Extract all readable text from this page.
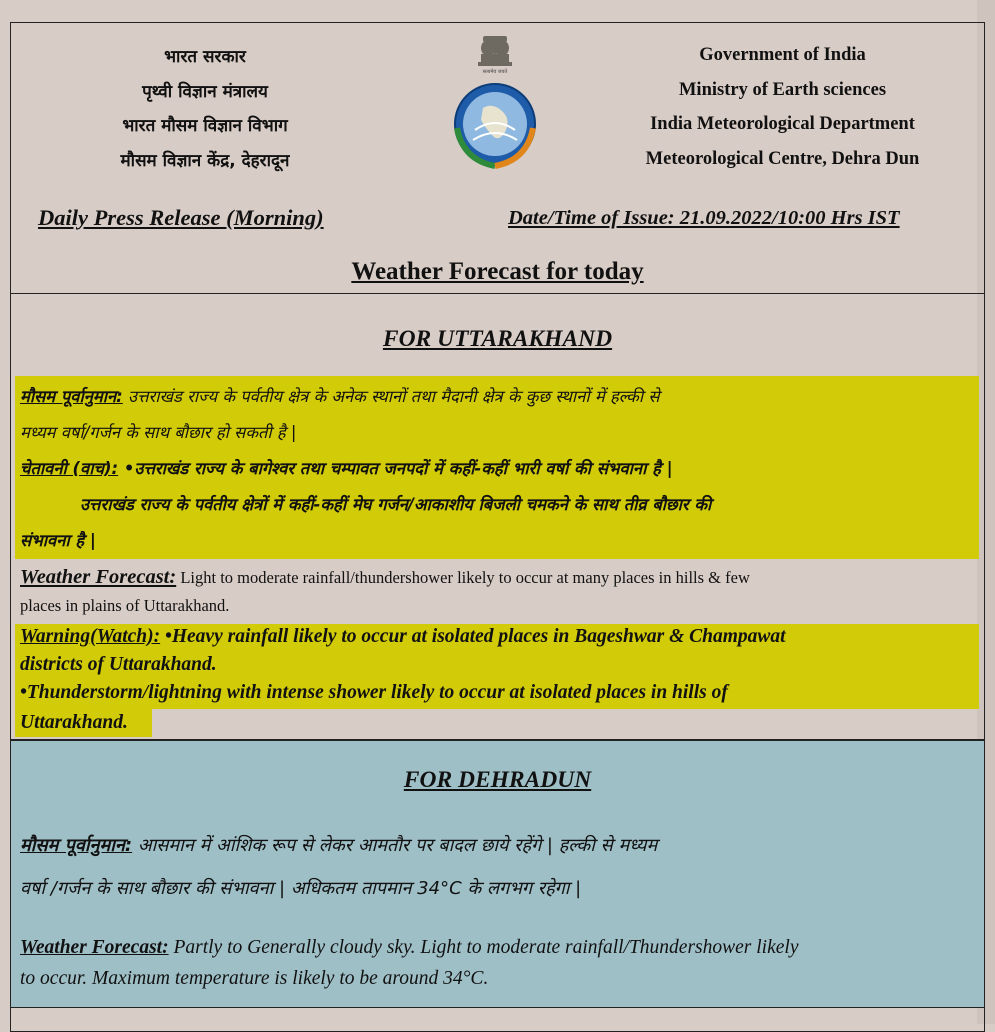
भारत सरकार
पृथ्वी विज्ञान मंत्रालय
भारत मौसम विज्ञान विभाग
मौसम विज्ञान केंद्र, देहरादून
सत्यमेव जयते
Government of India
Ministry of Earth sciences
India Meteorological Department
Meteorological Centre, Dehra Dun
Daily Press Release (Morning)	Date/Time of Issue: 21.09.2022/10:00 Hrs IST
Weather Forecast for today
FOR UTTARAKHAND
मौसम पूर्वानुमान: उत्तराखंड राज्य के पर्वतीय क्षेत्र के अनेक स्थानों तथा मैदानी क्षेत्र के कुछ स्थानों में हल्की से
मध्यम वर्षा/गर्जन के साथ बौछार हो सकती है |
चेतावनी (वाच): •उत्तराखंड राज्य के बागेश्वर तथा चम्पावत जनपदों में कहीं-कहीं भारी वर्षा की संभवाना है |
उत्तराखंड राज्य के पर्वतीय क्षेत्रों में कहीं-कहीं मेघ गर्जन/आकाशीय बिजली चमकने के साथ तीव्र बौछार की
संभावना है |
Weather Forecast: Light to moderate rainfall/thundershower likely to occur at many places in hills & few
places in plains of Uttarakhand.
Warning(Watch): •Heavy rainfall likely to occur at isolated places in Bageshwar & Champawat
districts of Uttarakhand.
•Thunderstorm/lightning with intense shower likely to occur at isolated places in hills of
Uttarakhand.
FOR DEHRADUN
मौसम पूर्वानुमान: आसमान में आंशिक रूप से लेकर आमतौर पर बादल छाये रहेंगे | हल्की से मध्यम
वर्षा /गर्जन के साथ बौछार की संभावना | अधिकतम तापमान 34°C के लगभग रहेगा |
Weather Forecast: Partly to Generally cloudy sky. Light to moderate rainfall/Thundershower likely
to occur. Maximum temperature is likely to be around 34°C.
